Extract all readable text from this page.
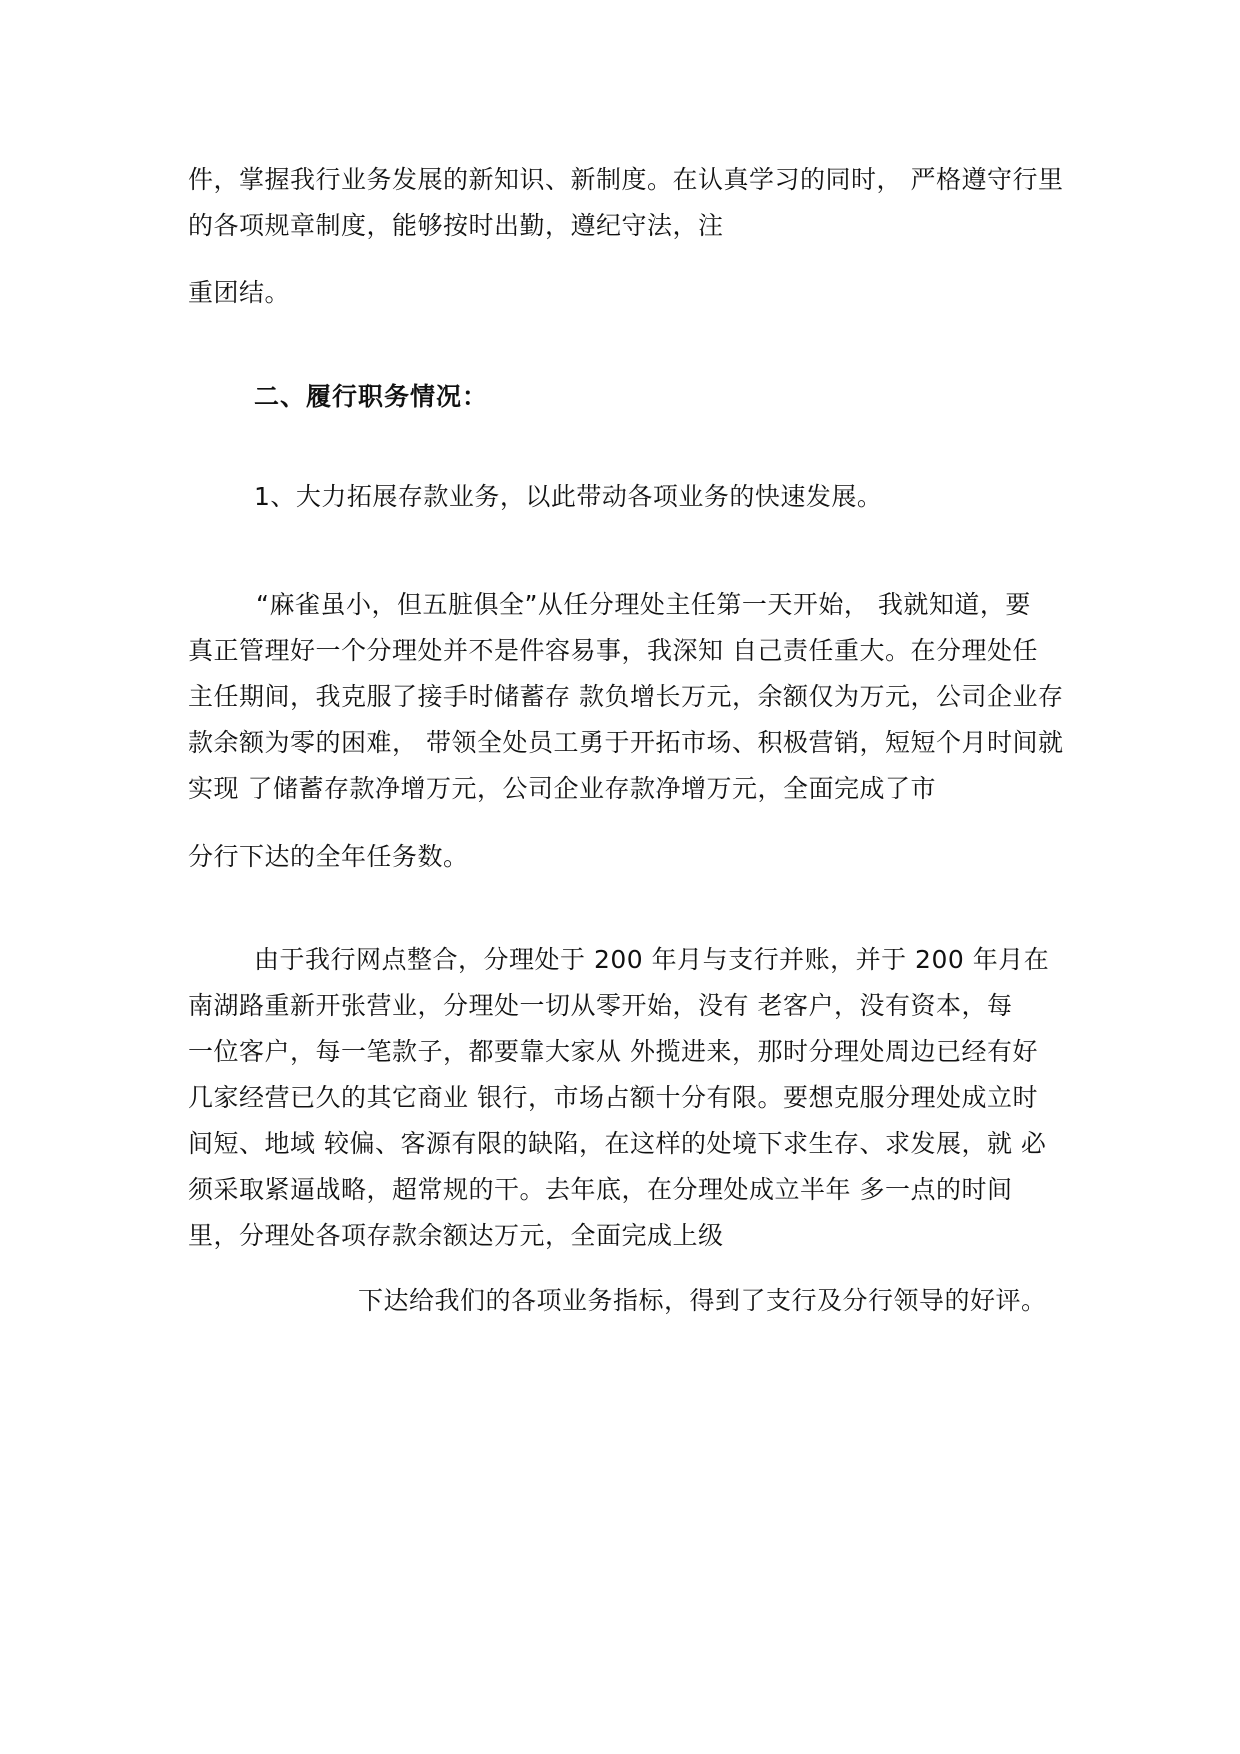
件，掌握我行业务发展的新知识、新制度。在认真学习的同时， 严格遵守行里
的各项规章制度，能够按时出勤，遵纪守法，注
重团结。
二、履行职务情况：
1、大力拓展存款业务，以此带动各项业务的快速发展。
“麻雀虽小，但五脏俱全”从任分理处主任第一天开始， 我就知道，要
真正管理好一个分理处并不是件容易事，我深知 自己责任重大。在分理处任
主任期间，我克服了接手时储蓄存 款负增长万元，余额仅为万元，公司企业存
款余额为零的困难， 带领全处员工勇于开拓市场、积极营销，短短个月时间就
实现 了储蓄存款净增万元，公司企业存款净增万元，全面完成了市
分行下达的全年任务数。
由于我行网点整合，分理处于 200 年月与支行并账，并于 200 年月在
南湖路重新开张营业，分理处一切从零开始，没有 老客户，没有资本，每
一位客户，每一笔款子，都要靠大家从 外揽进来，那时分理处周边已经有好
几家经营已久的其它商业 银行，市场占额十分有限。要想克服分理处成立时
间短、地域 较偏、客源有限的缺陷，在这样的处境下求生存、求发展，就 必
须采取紧逼战略，超常规的干。去年底，在分理处成立半年 多一点的时间
里，分理处各项存款余额达万元，全面完成上级
下达给我们的各项业务指标，得到了支行及分行领导的好评。
